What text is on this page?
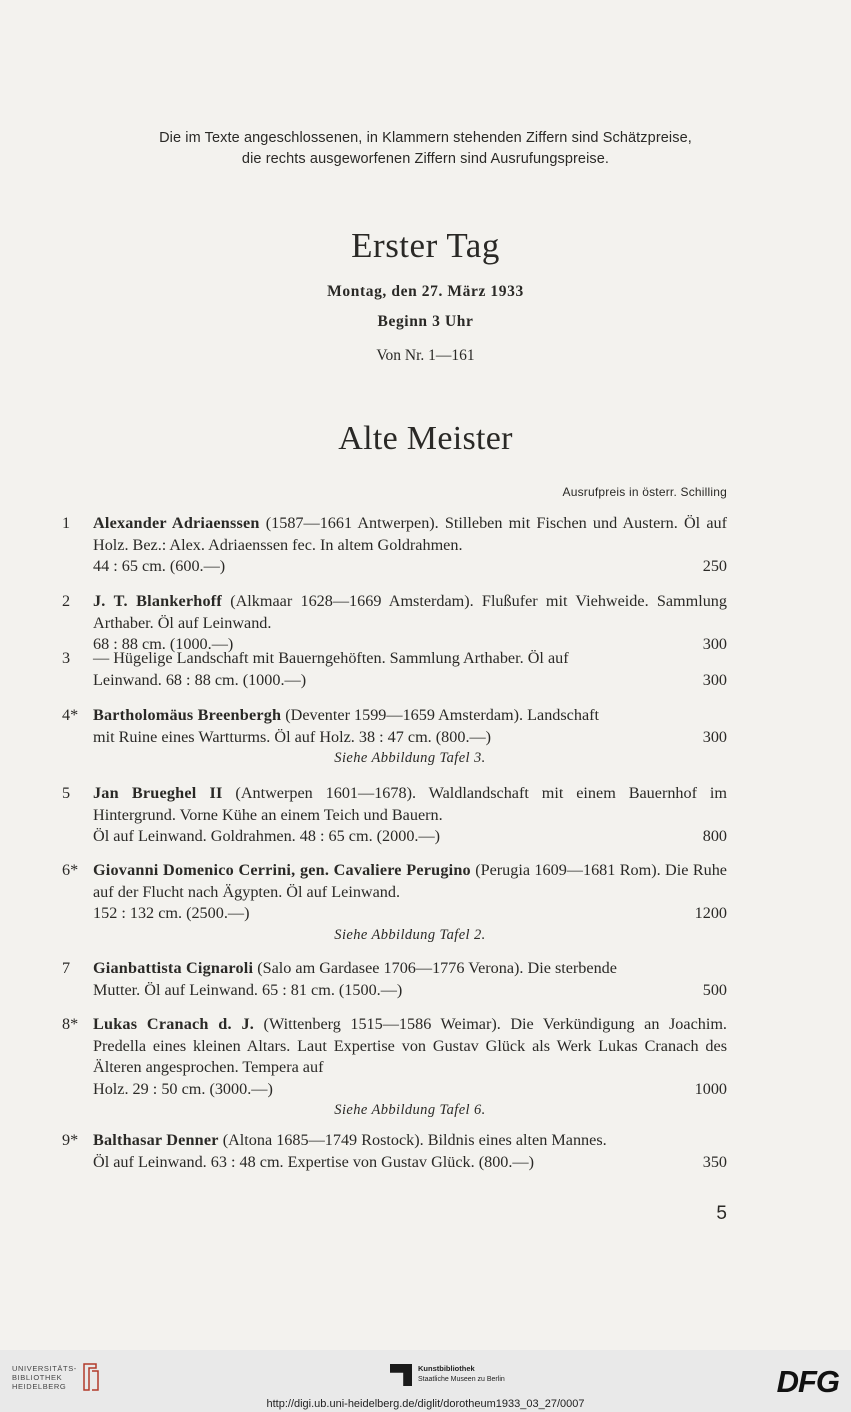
Die im Texte angeschlossenen, in Klammern stehenden Ziffern sind Schätzpreise,
die rechts ausgeworfenen Ziffern sind Ausrufungspreise.
Erster Tag
Montag, den 27. März 1933
Beginn 3 Uhr
Von Nr. 1—161
Alte Meister
Ausrufpreis in österr. Schilling
1	Alexander Adriaenssen (1587—1661 Antwerpen). Stilleben mit Fischen und Austern. Öl auf Holz. Bez.: Alex. Adriaenssen fec. In altem Goldrahmen.
44 : 65 cm. (600.—)	250
2	J. T. Blankerhoff (Alkmaar 1628—1669 Amsterdam). Flußufer mit Viehweide. Sammlung Arthaber. Öl auf Leinwand.
68 : 88 cm. (1000.—)	300
3	— Hügelige Landschaft mit Bauerngehöften. Sammlung Arthaber. Öl auf
Leinwand. 68 : 88 cm. (1000.—)	300
4* Bartholomäus Breenbergh (Deventer 1599—1659 Amsterdam). Landschaft
mit Ruine eines Wartturms. Öl auf Holz. 38 : 47 cm. (800.—)	300
Siehe Abbildung Tafel 3.
5	Jan Brueghel II (Antwerpen 1601—1678). Waldlandschaft mit einem Bauernhof im Hintergrund. Vorne Kühe an einem Teich und Bauern.
Öl auf Leinwand. Goldrahmen. 48 : 65 cm. (2000.—)	800
6* Giovanni Domenico Cerrini, gen. Cavaliere Perugino (Perugia 1609—1681 Rom). Die Ruhe auf der Flucht nach Ägypten. Öl auf Leinwand.
152 : 132 cm. (2500.—)	1200
Siehe Abbildung Tafel 2.
7	Gianbattista Cignaroli (Salo am Gardasee 1706—1776 Verona). Die sterbende
Mutter. Öl auf Leinwand. 65 : 81 cm. (1500.—)	500
8* Lukas Cranach d. J. (Wittenberg 1515—1586 Weimar). Die Verkündigung an Joachim. Predella eines kleinen Altars. Laut Expertise von Gustav Glück als Werk Lukas Cranach des Älteren angesprochen. Tempera auf
Holz. 29 : 50 cm. (3000.—)	1000
Siehe Abbildung Tafel 6.
9* Balthasar Denner (Altona 1685—1749 Rostock). Bildnis eines alten Mannes.
Öl auf Leinwand. 63 : 48 cm. Expertise von Gustav Glück. (800.—)	350
5
UNIVERSITÄTS-
BIBLIOTHEK
HEIDELBERG
Kunstbibliothek
Staatliche Museen zu Berlin	DFG
http://digi.ub.uni-heidelberg.de/diglit/dorotheum1933_03_27/0007
